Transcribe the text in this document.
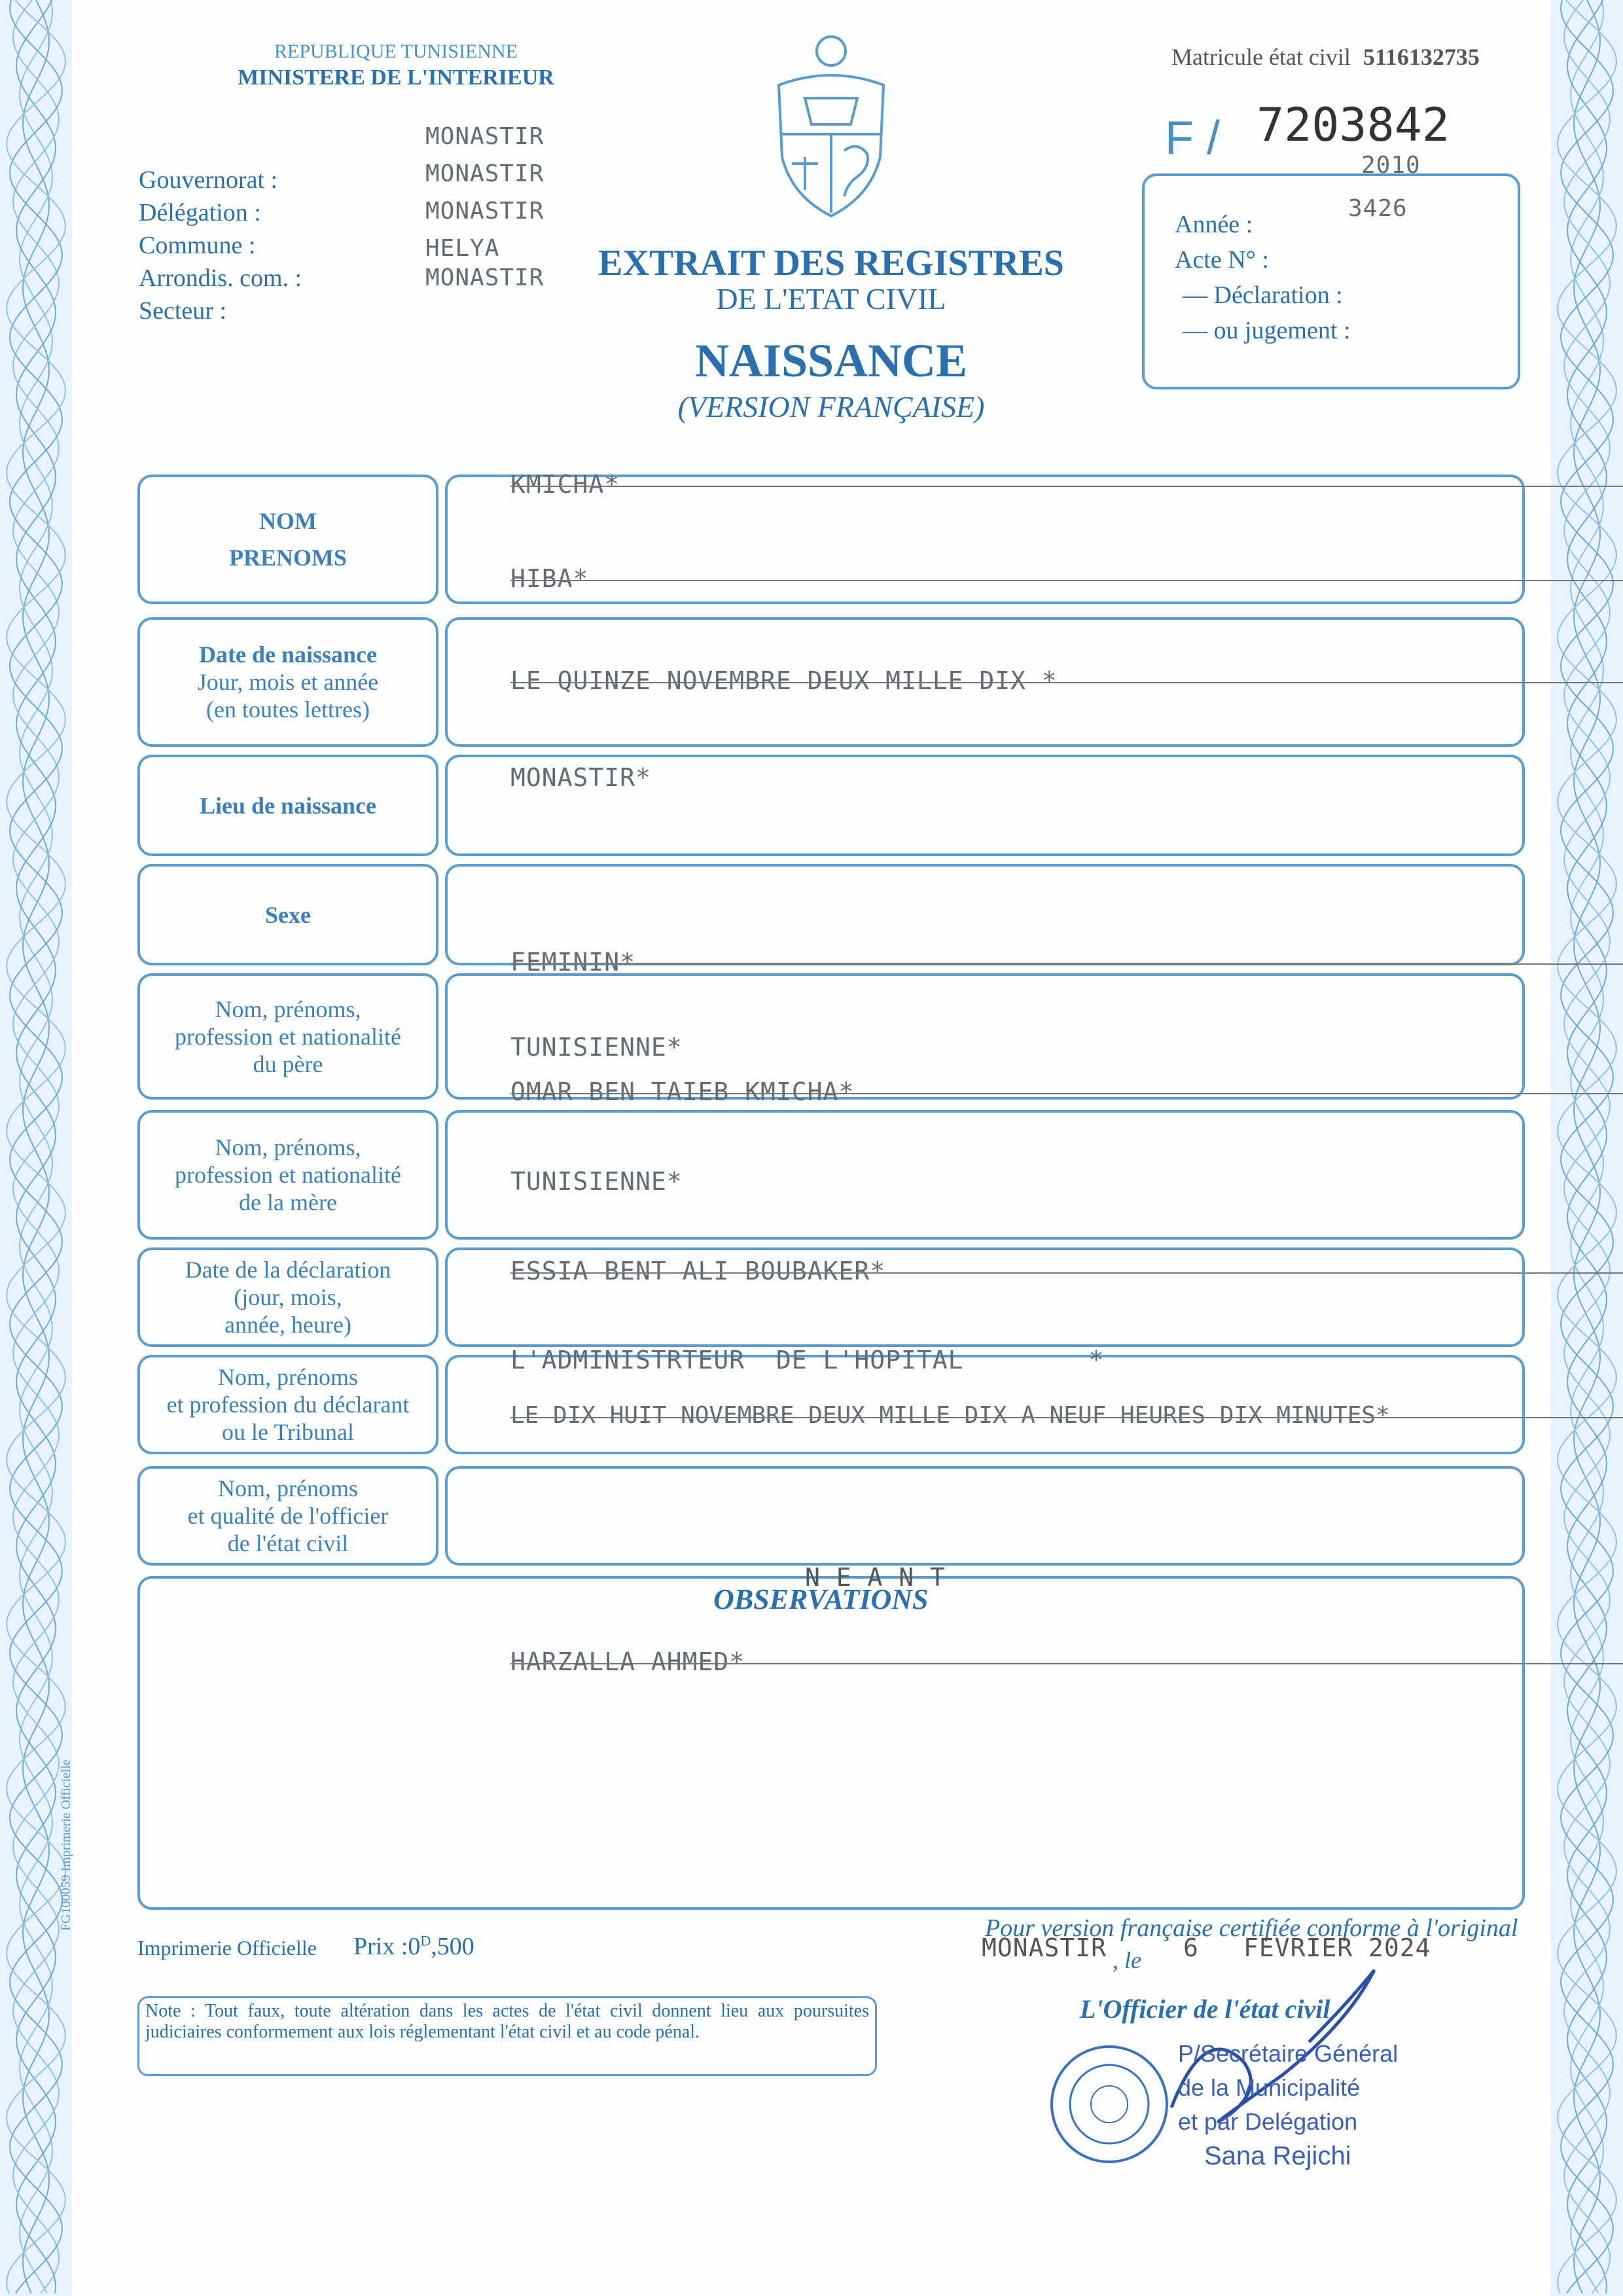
REPUBLIQUE TUNISIENNE
MINISTERE DE L'INTERIEUR
Matricule état civil 5116132735
F / 7203842
Gouvernorat :
Délégation :
Commune :
Arrondis. com. :
Secteur :
MONASTIR
MONASTIR
MONASTIR
HELYA
MONASTIR	EXTRAIT DES REGISTRES
DE L'ETAT CIVIL
NAISSANCE
(VERSION FRANÇAISE)
Année :
Acte N° :
— Déclaration :
— ou jugement :
2010
3426
NOM
PRENOMS
KMICHA*
HIBA*
Date de naissance
Jour, mois et année
(en toutes lettres)
LE QUINZE NOVEMBRE DEUX MILLE DIX *
Lieu de naissance
MONASTIR*
Sexe
FEMININ*
Nom, prénoms,
profession et nationalité
du père
OMAR BEN TAIEB KMICHA*
TUNISIENNE*
Nom, prénoms,
profession et nationalité
de la mère
ESSIA BENT ALI BOUBAKER*
TUNISIENNE*
Date de la déclaration
(jour, mois,
année, heure)
LE DIX HUIT NOVEMBRE DEUX MILLE DIX A NEUF HEURES DIX MINUTES*
Nom, prénoms
et profession du déclarant
ou le Tribunal
L'ADMINISTRTEUR  DE L'HOPITAL        *
Nom, prénoms
et qualité de l'officier
de l'état civil
HARZALLA AHMED*
OBSERVATIONS
N E A N T
FG100059 Imprimerie Officielle
Imprimerie Officielle Prix $:0^D,500$
Note : Tout faux, toute altération dans les actes de l'état civil donnent lieu aux poursuites judiciaires conformement aux lois réglementant l'état civil et au code pénal.
Pour version française certifiée conforme à l'original
MONASTIR , le 6 FEVRIER 2024
L'Officier de l'état civil
P/Secrétaire Général
de la Municipalité
et par Delégation
Sana Rejichi
